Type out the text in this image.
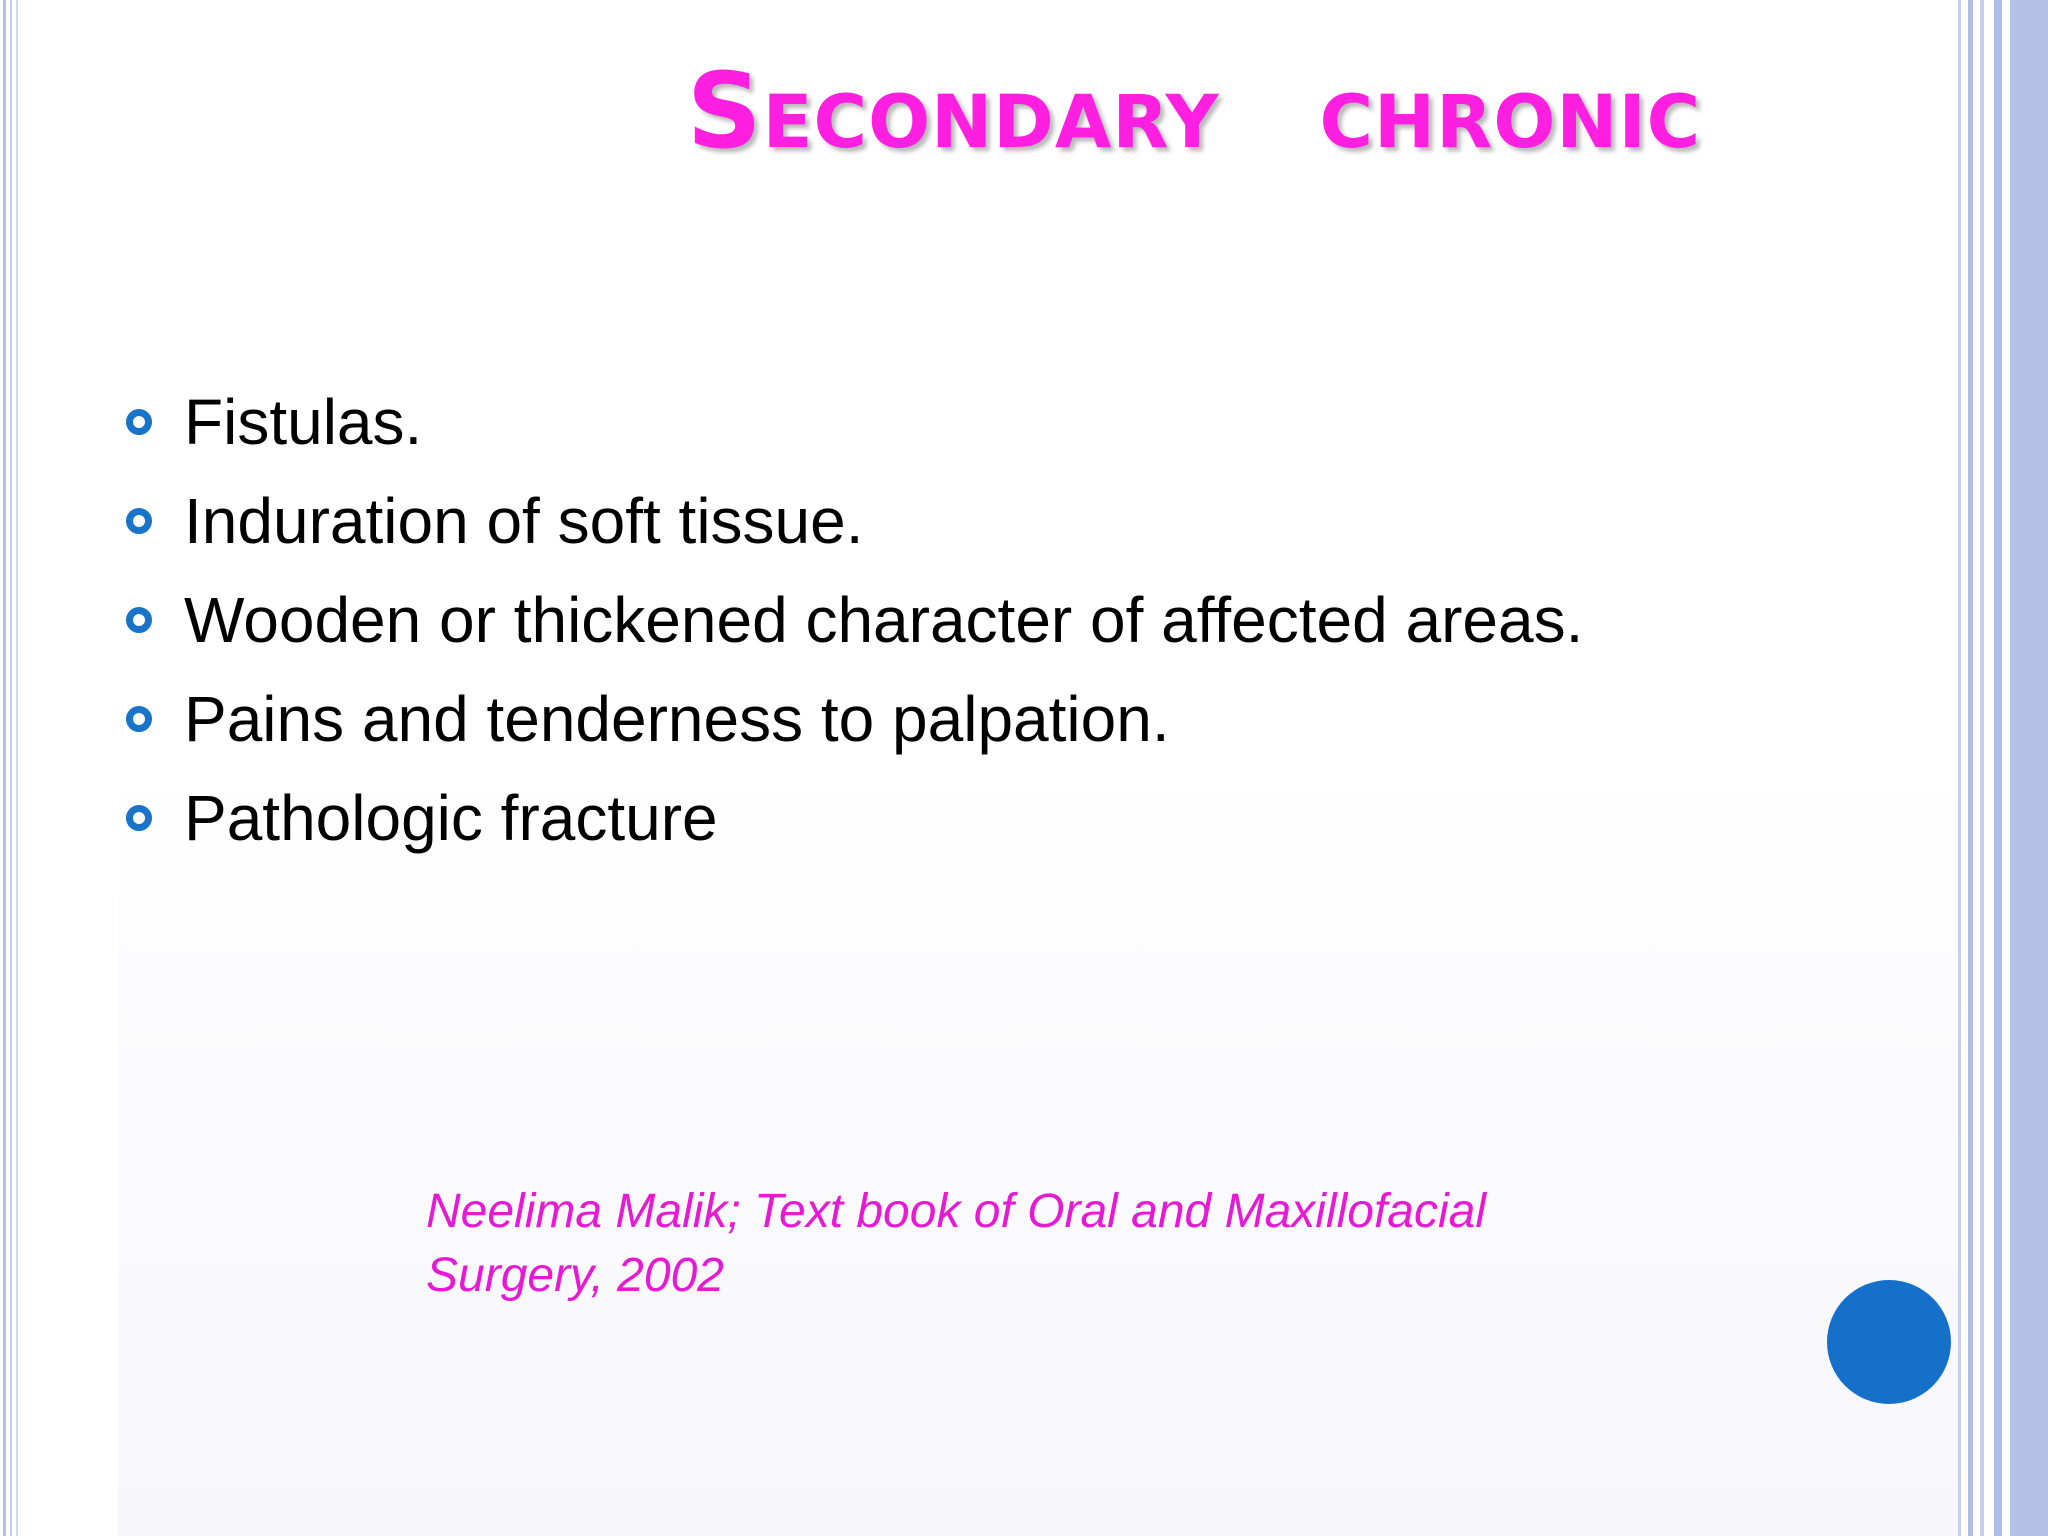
Secondary chronic
Fistulas.
Induration of soft tissue.
Wooden or thickened character of affected areas.
Pains and tenderness to palpation.
Pathologic fracture
Neelima Malik; Text book of Oral and Maxillofacial
Surgery, 2002
